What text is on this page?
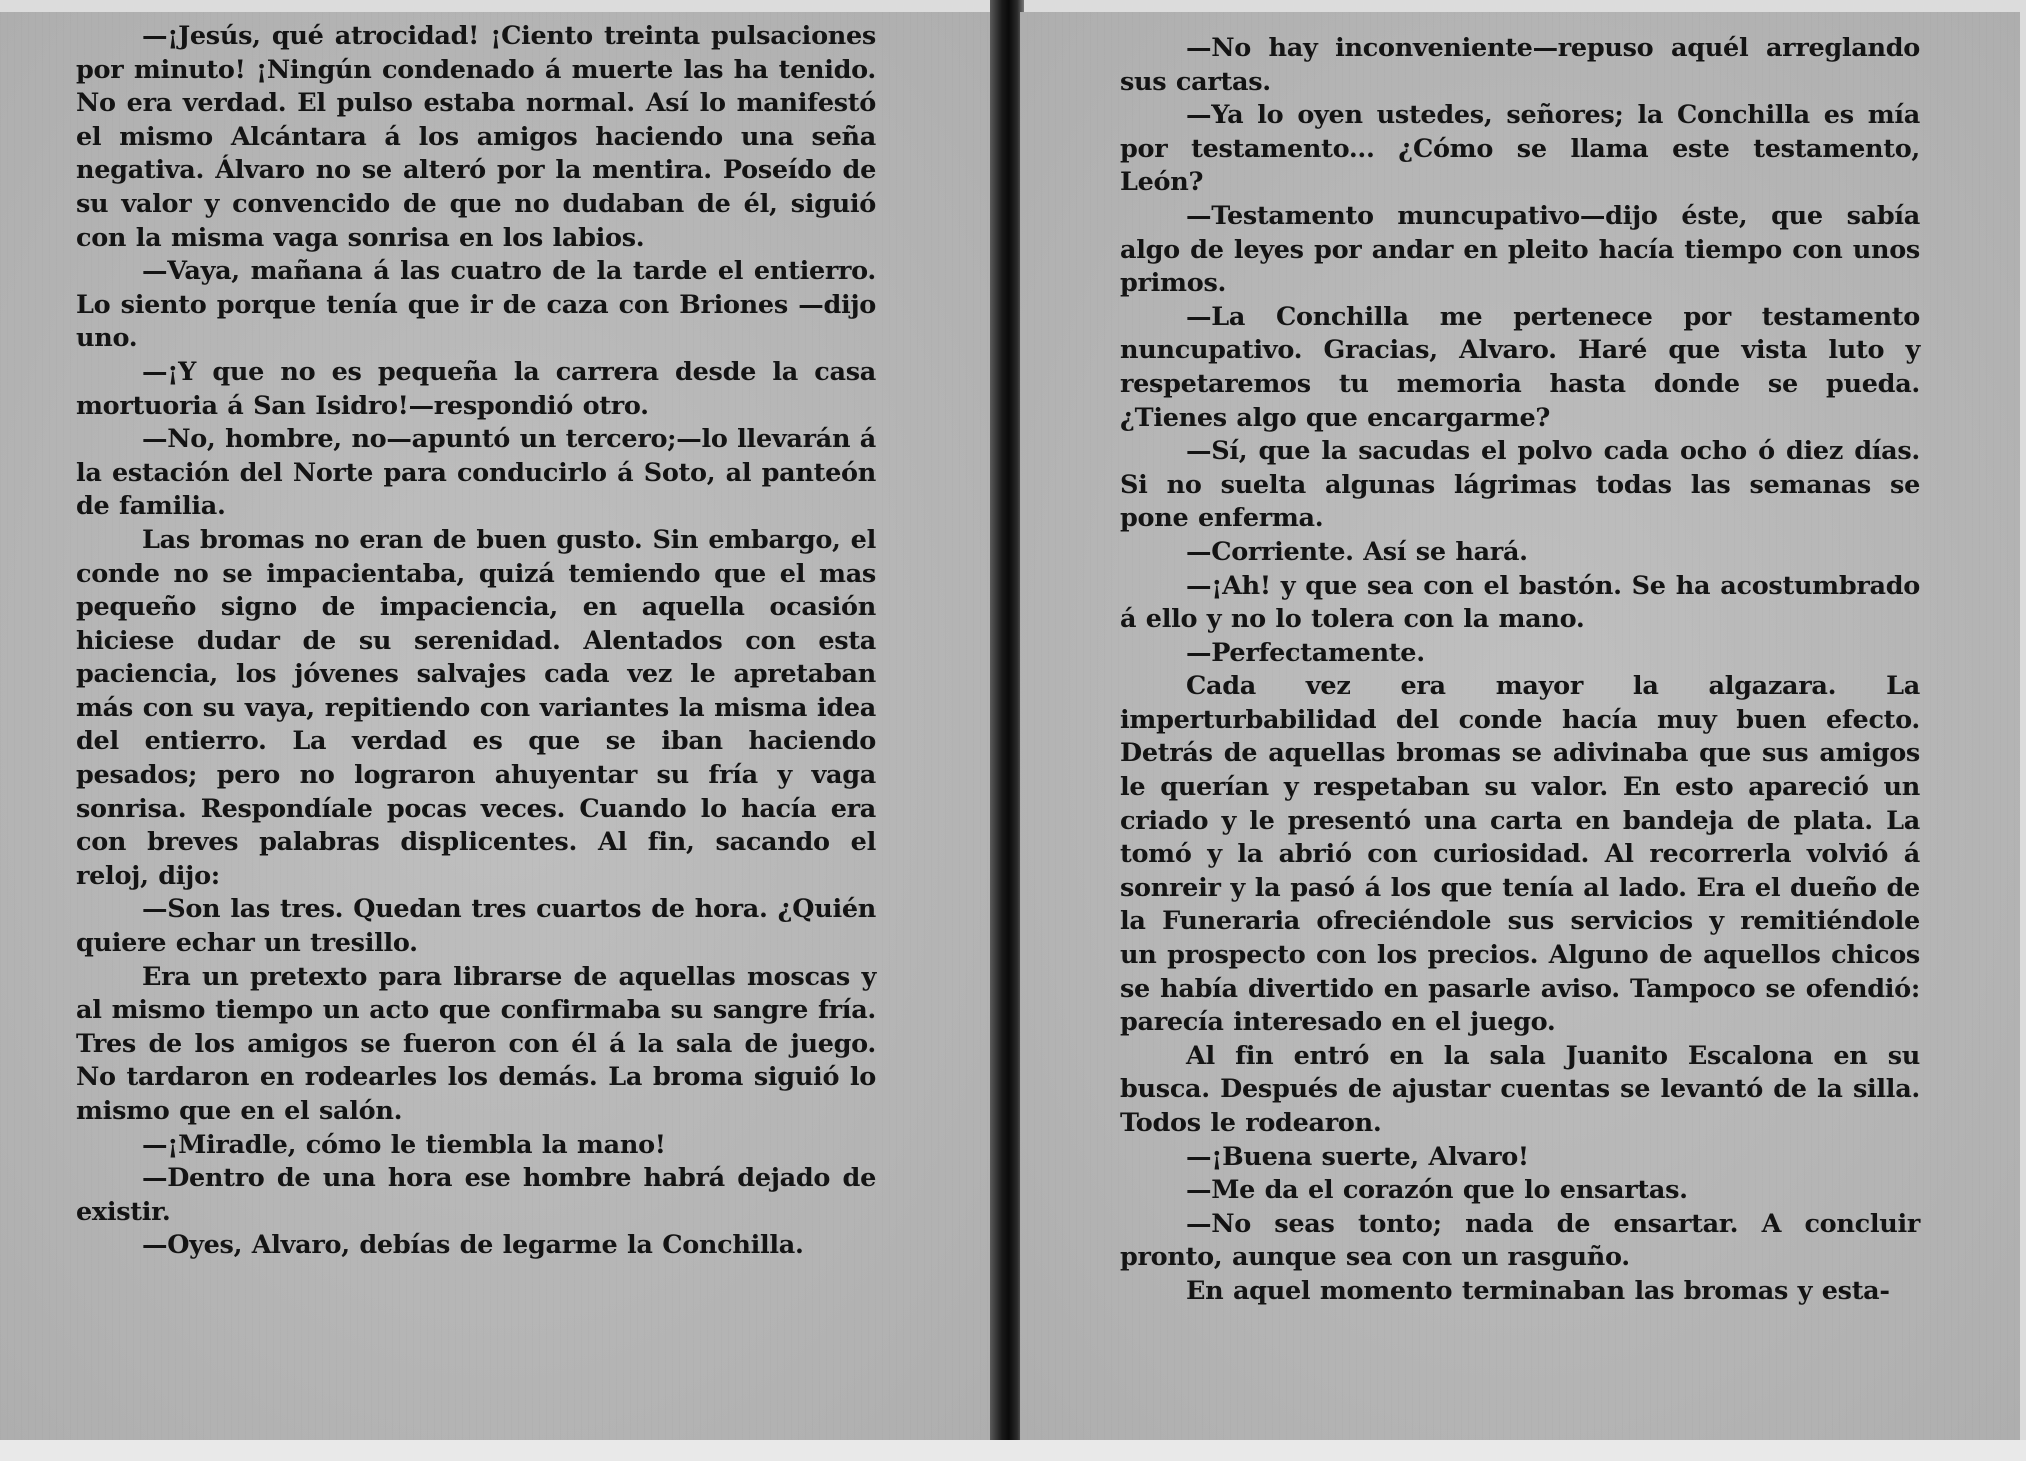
—¡Jesús, qué atrocidad! ¡Ciento treinta pulsaciones por minuto! ¡Ningún condenado á muerte las ha tenido. No era verdad. El pulso estaba normal. Así lo manifestó el mismo Alcántara á los amigos haciendo una seña negativa. Álvaro no se alteró por la mentira. Poseído de su valor y convencido de que no dudaban de él, siguió con la misma vaga sonrisa en los labios.

—Vaya, mañana á las cuatro de la tarde el entierro. Lo siento porque tenía que ir de caza con Briones —dijo uno.

—¡Y que no es pequeña la carrera desde la casa mortuoria á San Isidro!—respondió otro.

—No, hombre, no—apuntó un tercero;—lo llevarán á la estación del Norte para conducirlo á Soto, al panteón de familia.

Las bromas no eran de buen gusto. Sin embargo, el conde no se impacientaba, quizá temiendo que el mas pequeño signo de impaciencia, en aquella ocasión hiciese dudar de su serenidad. Alentados con esta paciencia, los jóvenes salvajes cada vez le apretaban más con su vaya, repitiendo con variantes la misma idea del entierro. La verdad es que se iban haciendo pesados; pero no lograron ahuyentar su fría y vaga sonrisa. Respondíale pocas veces. Cuando lo hacía era con breves palabras displicentes. Al fin, sacando el reloj, dijo:

—Son las tres. Quedan tres cuartos de hora. ¿Quién quiere echar un tresillo.

Era un pretexto para librarse de aquellas moscas y al mismo tiempo un acto que confirmaba su sangre fría. Tres de los amigos se fueron con él á la sala de juego. No tardaron en rodearles los demás. La broma siguió lo mismo que en el salón.

—¡Miradle, cómo le tiembla la mano!

—Dentro de una hora ese hombre habrá dejado de existir.

—Oyes, Alvaro, debías de legarme la Conchilla.

—No hay inconveniente—repuso aquél arreglando sus cartas.

—Ya lo oyen ustedes, señores; la Conchilla es mía por testamento... ¿Cómo se llama este testamento, León?

—Testamento muncupativo—dijo éste, que sabía algo de leyes por andar en pleito hacía tiempo con unos primos.

—La Conchilla me pertenece por testamento nuncupativo. Gracias, Alvaro. Haré que vista luto y respetaremos tu memoria hasta donde se pueda. ¿Tienes algo que encargarme?

—Sí, que la sacudas el polvo cada ocho ó diez días. Si no suelta algunas lágrimas todas las semanas se pone enferma.

—Corriente. Así se hará.

—¡Ah! y que sea con el bastón. Se ha acostumbrado á ello y no lo tolera con la mano.

—Perfectamente.

Cada vez era mayor la algazara. La imperturbabilidad del conde hacía muy buen efecto. Detrás de aquellas bromas se adivinaba que sus amigos le querían y respetaban su valor. En esto apareció un criado y le presentó una carta en bandeja de plata. La tomó y la abrió con curiosidad. Al recorrerla volvió á sonreir y la pasó á los que tenía al lado. Era el dueño de la Funeraria ofreciéndole sus servicios y remitiéndole un prospecto con los precios. Alguno de aquellos chicos se había divertido en pasarle aviso. Tampoco se ofendió: parecía interesado en el juego.

Al fin entró en la sala Juanito Escalona en su busca. Después de ajustar cuentas se levantó de la silla. Todos le rodearon.

—¡Buena suerte, Alvaro!

—Me da el corazón que lo ensartas.

—No seas tonto; nada de ensartar. A concluir pronto, aunque sea con un rasguño.

En aquel momento terminaban las bromas y esta-
